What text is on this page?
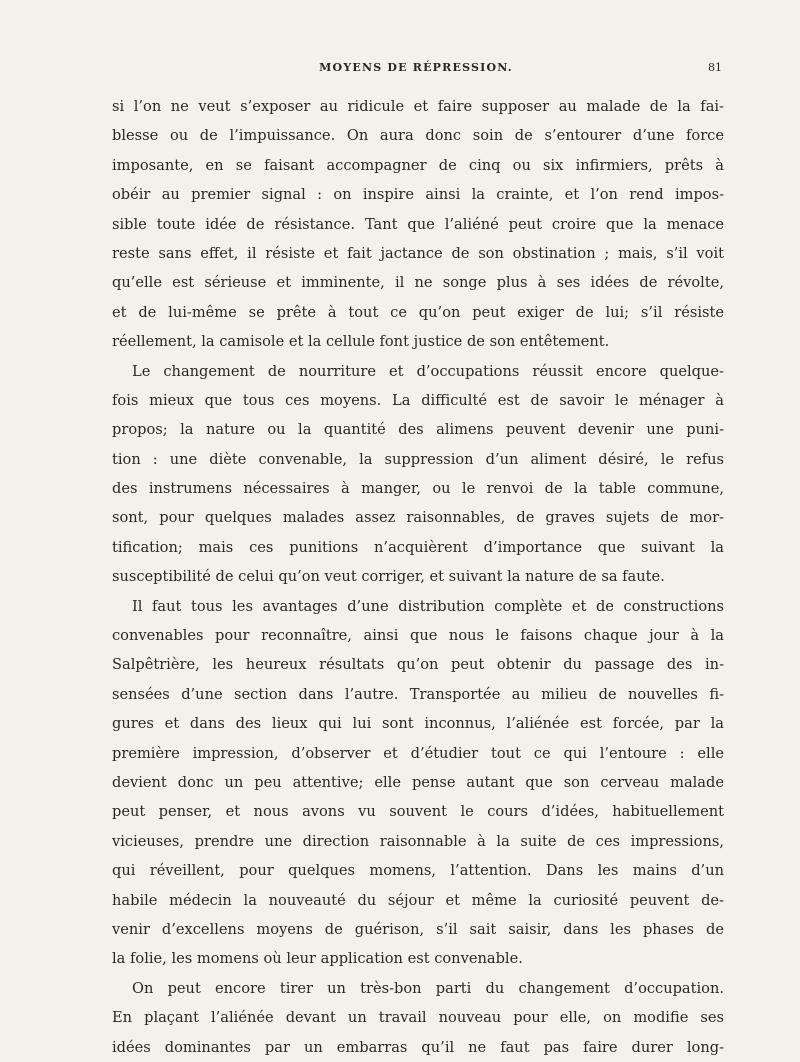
MOYENS DE RÉPRESSION.	81
si l’on ne veut s’exposer au ridicule et faire supposer au malade de la fai-
blesse ou de l’impuissance. On aura donc soin de s’entourer d’une force
imposante, en se faisant accompagner de cinq ou six infirmiers, prêts à
obéir au premier signal : on inspire ainsi la crainte, et l’on rend impos-
sible toute idée de résistance. Tant que l’aliéné peut croire que la menace
reste sans effet, il résiste et fait jactance de son obstination ; mais, s’il voit
qu’elle est sérieuse et imminente, il ne songe plus à ses idées de révolte,
et de lui-même se prête à tout ce qu’on peut exiger de lui; s’il résiste
réellement, la camisole et la cellule font justice de son entêtement.
Le changement de nourriture et d’occupations réussit encore quelque-
fois mieux que tous ces moyens. La difficulté est de savoir le ménager à
propos; la nature ou la quantité des alimens peuvent devenir une puni-
tion : une diète convenable, la suppression d’un aliment désiré, le refus
des instrumens nécessaires à manger, ou le renvoi de la table commune,
sont, pour quelques malades assez raisonnables, de graves sujets de mor-
tification; mais ces punitions n’acquièrent d’importance que suivant la
susceptibilité de celui qu’on veut corriger, et suivant la nature de sa faute.
Il faut tous les avantages d’une distribution complète et de constructions
convenables pour reconnaître, ainsi que nous le faisons chaque jour à la
Salpêtrière, les heureux résultats qu’on peut obtenir du passage des in-
sensées d’une section dans l’autre. Transportée au milieu de nouvelles fi-
gures et dans des lieux qui lui sont inconnus, l’aliénée est forcée, par la
première impression, d’observer et d’étudier tout ce qui l’entoure : elle
devient donc un peu attentive; elle pense autant que son cerveau malade
peut penser, et nous avons vu souvent le cours d’idées, habituellement
vicieuses, prendre une direction raisonnable à la suite de ces impressions,
qui réveillent, pour quelques momens, l’attention. Dans les mains d’un
habile médecin la nouveauté du séjour et même la curiosité peuvent de-
venir d’excellens moyens de guérison, s’il sait saisir, dans les phases de
la folie, les momens où leur application est convenable.
On peut encore tirer un très-bon parti du changement d’occupation.
En plaçant l’aliénée devant un travail nouveau pour elle, on modifie ses
idées dominantes par un embarras qu’il ne faut pas faire durer long-
